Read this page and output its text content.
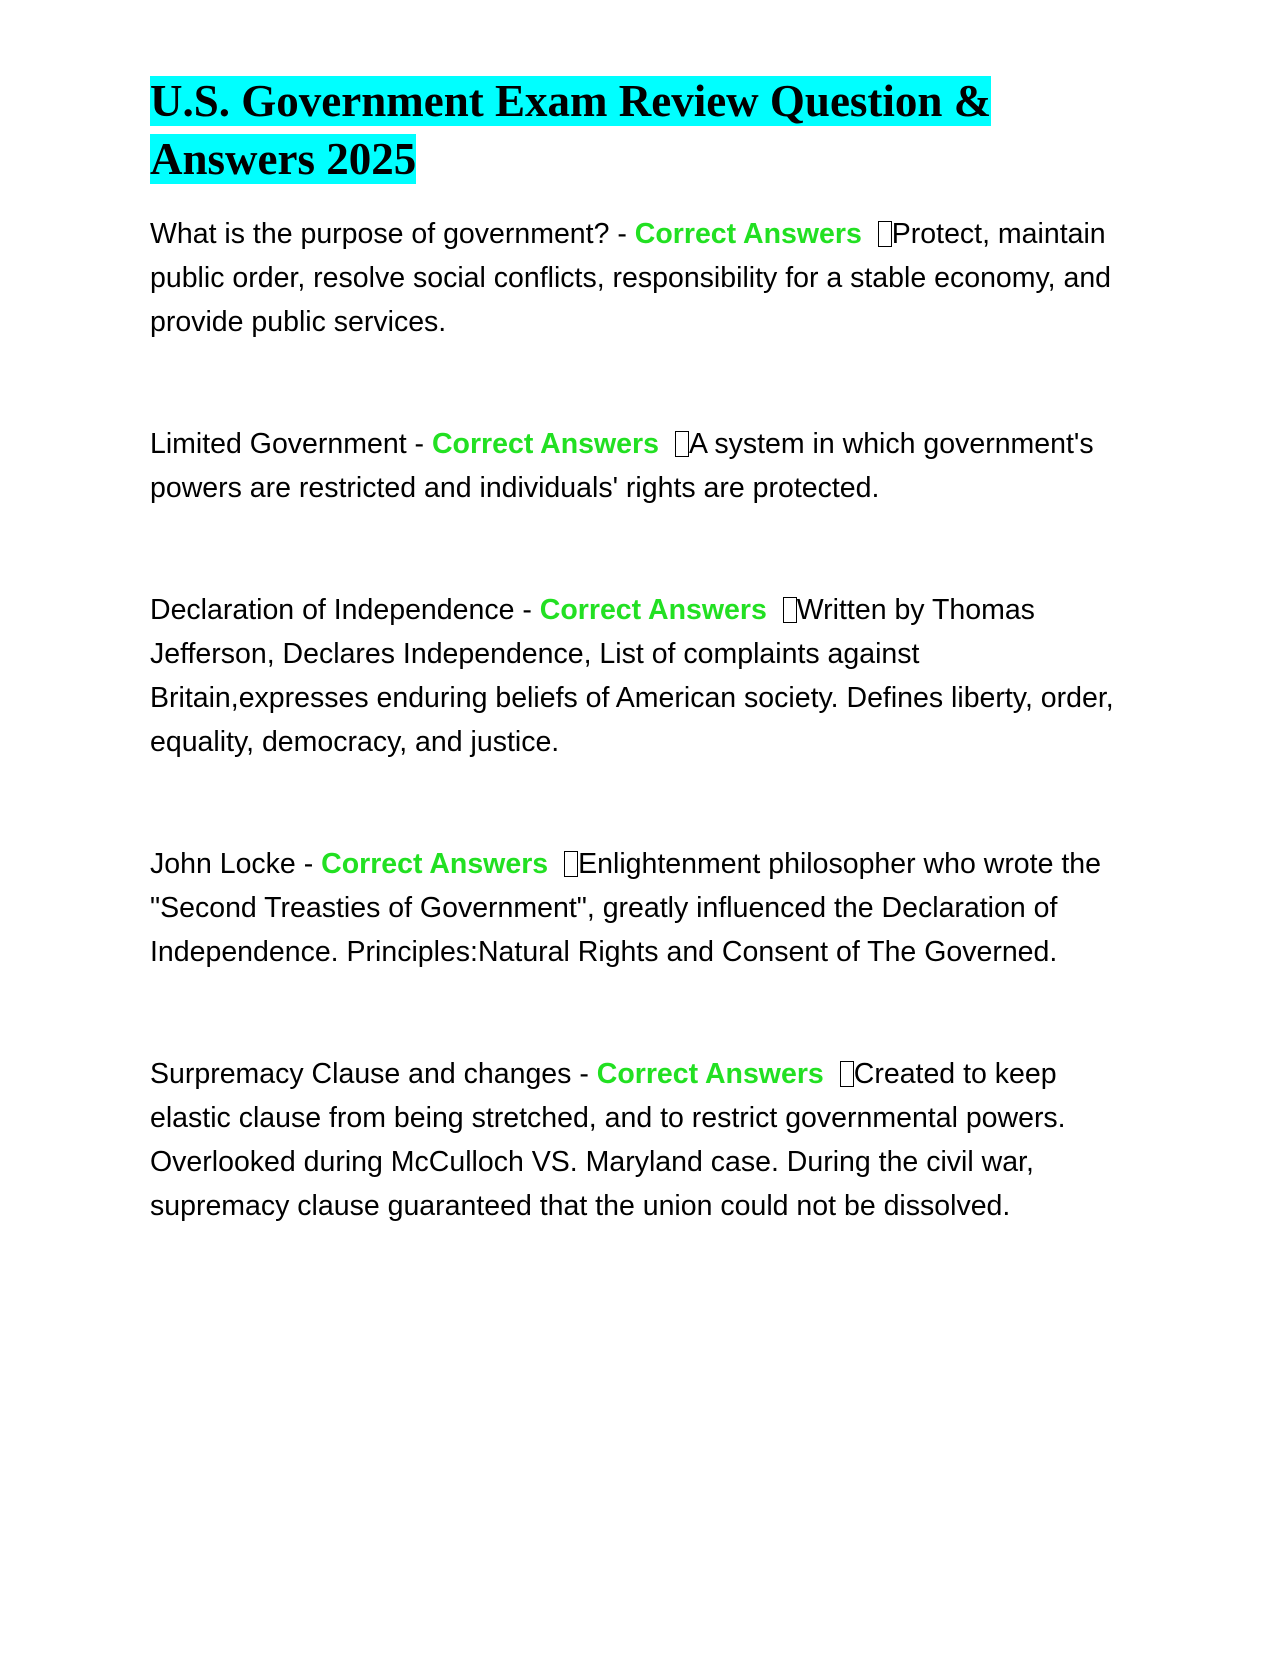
U.S. Government Exam Review Question & Answers 2025

What is the purpose of government? - Correct Answers Protect, maintain public order, resolve social conflicts, responsibility for a stable economy, and provide public services.

Limited Government - Correct Answers A system in which government's powers are restricted and individuals' rights are protected.

Declaration of Independence - Correct Answers Written by Thomas Jefferson, Declares Independence, List of complaints against Britain,expresses enduring beliefs of American society. Defines liberty, order, equality, democracy, and justice.

John Locke - Correct Answers Enlightenment philosopher who wrote the "Second Treasties of Government", greatly influenced the Declaration of Independence. Principles:Natural Rights and Consent of The Governed.

Surpremacy Clause and changes - Correct Answers Created to keep elastic clause from being stretched, and to restrict governmental powers. Overlooked during McCulloch VS. Maryland case. During the civil war, supremacy clause guaranteed that the union could not be dissolved.
